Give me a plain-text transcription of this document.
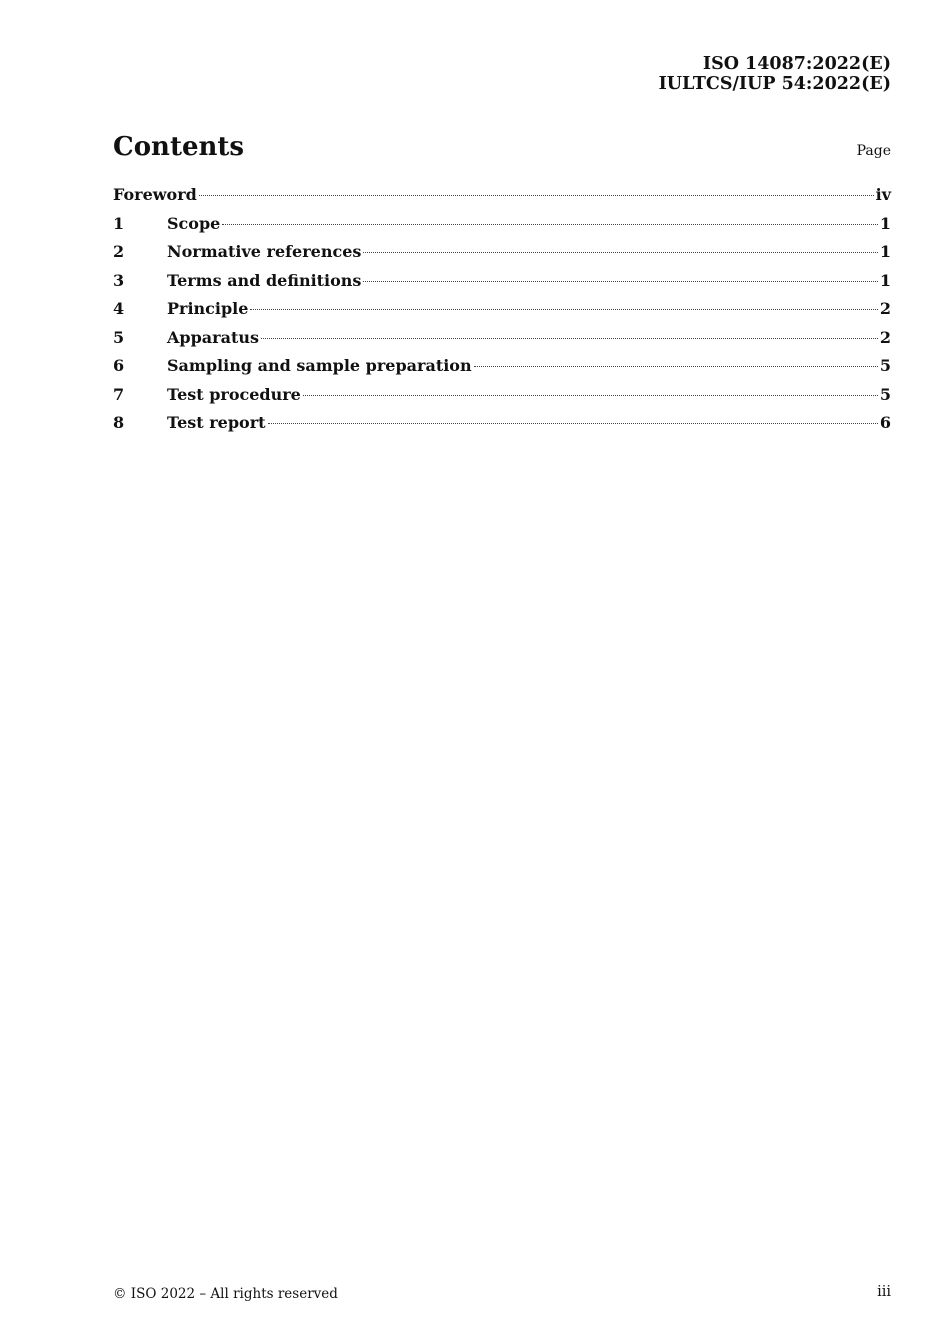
ISO 14087:2022(E)
IULTCS/IUP 54:2022(E)
Contents	Page
Foreword	iv
1	Scope	1
2	Normative references	1
3	Terms and definitions	1
4	Principle	2
5	Apparatus	2
6	Sampling and sample preparation	5
7	Test procedure	5
8	Test report	6
© ISO 2022 – All rights reserved	iii
